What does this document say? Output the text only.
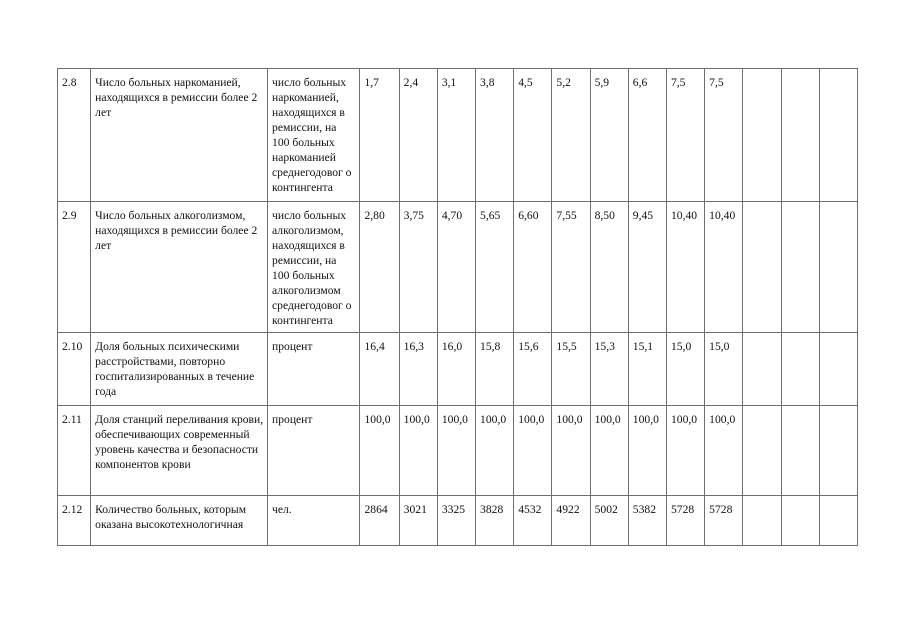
2.8	Число больных наркоманией, находящихся в ремиссии более 2 лет	число больных наркоманией, находящихся в ремиссии, на 100 больных наркоманией среднегодовог о контингента	1,7	2,4	3,1	3,8	4,5	5,2	5,9	6,6	7,5	7,5			
2.9	Число больных алкоголизмом, находящихся в ремиссии более 2 лет	число больных алкоголизмом, находящихся в ремиссии, на 100 больных алкоголизмом среднегодовог о контингента	2,80	3,75	4,70	5,65	6,60	7,55	8,50	9,45	10,40	10,40			
2.10	Доля больных психическими расстройствами, повторно госпитализированных в течение года	процент	16,4	16,3	16,0	15,8	15,6	15,5	15,3	15,1	15,0	15,0			
2.11	Доля станций переливания крови, обеспечивающих современный уровень качества и безопасности компонентов крови	процент	100,0	100,0	100,0	100,0	100,0	100,0	100,0	100,0	100,0	100,0			
2.12	Количество больных, которым оказана высокотехнологичная	чел.	2864	3021	3325	3828	4532	4922	5002	5382	5728	5728			
